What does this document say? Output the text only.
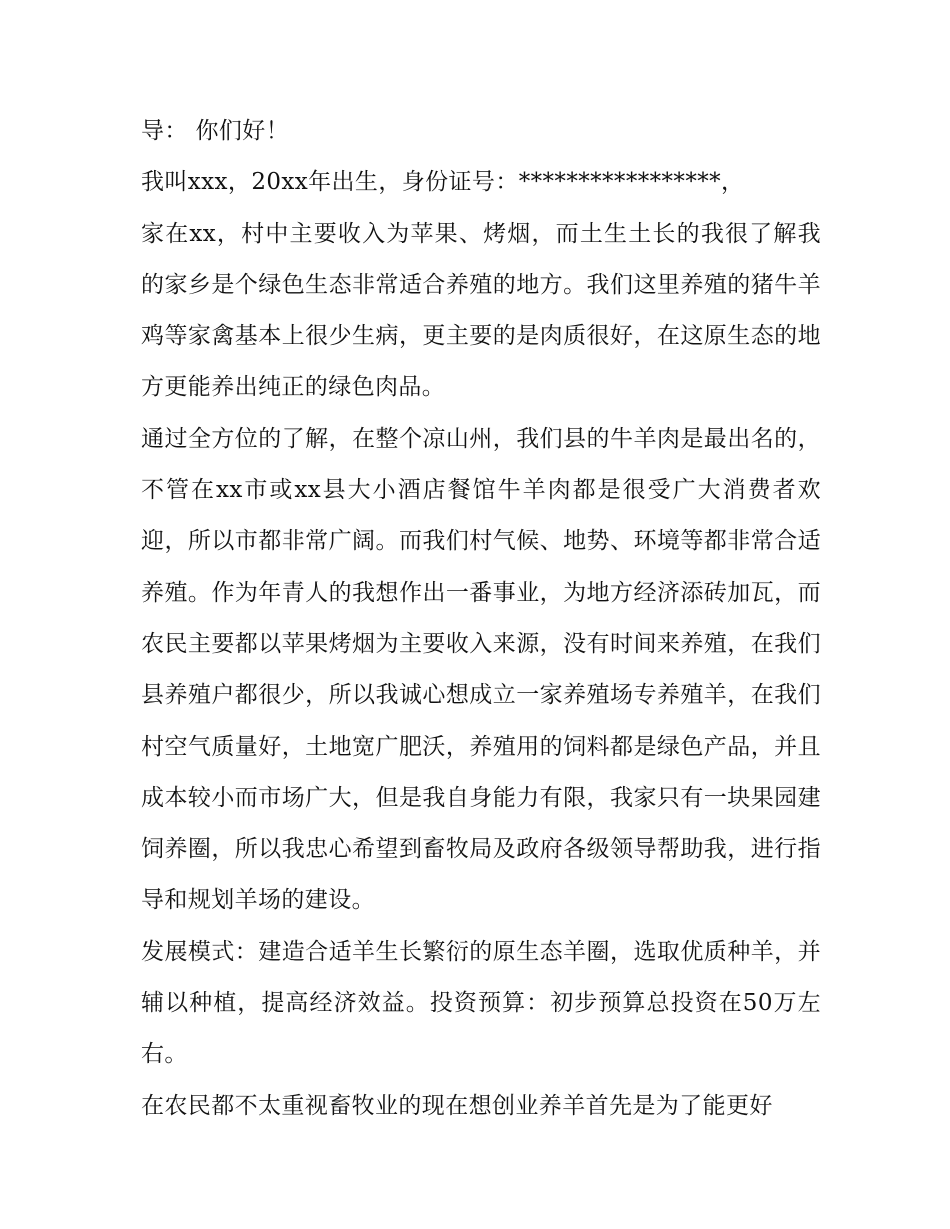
导： 你们好！

我叫xxx，20xx年出生，身份证号：*****************，

家在xx，村中主要收入为苹果、烤烟，而土生土长的我很了解我的家乡是个绿色生态非常适合养殖的地方。我们这里养殖的猪牛羊鸡等家禽基本上很少生病，更主要的是肉质很好，在这原生态的地方更能养出纯正的绿色肉品。

通过全方位的了解，在整个凉山州，我们县的牛羊肉是最出名的，不管在xx市或xx县大小酒店餐馆牛羊肉都是很受广大消费者欢迎，所以市都非常广阔。而我们村气候、地势、环境等都非常合适养殖。作为年青人的我想作出一番事业，为地方经济添砖加瓦，而农民主要都以苹果烤烟为主要收入来源，没有时间来养殖，在我们县养殖户都很少，所以我诚心想成立一家养殖场专养殖羊，在我们村空气质量好，土地宽广肥沃，养殖用的饲料都是绿色产品，并且成本较小而市场广大，但是我自身能力有限，我家只有一块果园建饲养圈，所以我忠心希望到畜牧局及政府各级领导帮助我，进行指导和规划羊场的建设。

发展模式：建造合适羊生长繁衍的原生态羊圈，选取优质种羊，并辅以种植，提高经济效益。投资预算：初步预算总投资在50万左右。

在农民都不太重视畜牧业的现在想创业养羊首先是为了能更好
